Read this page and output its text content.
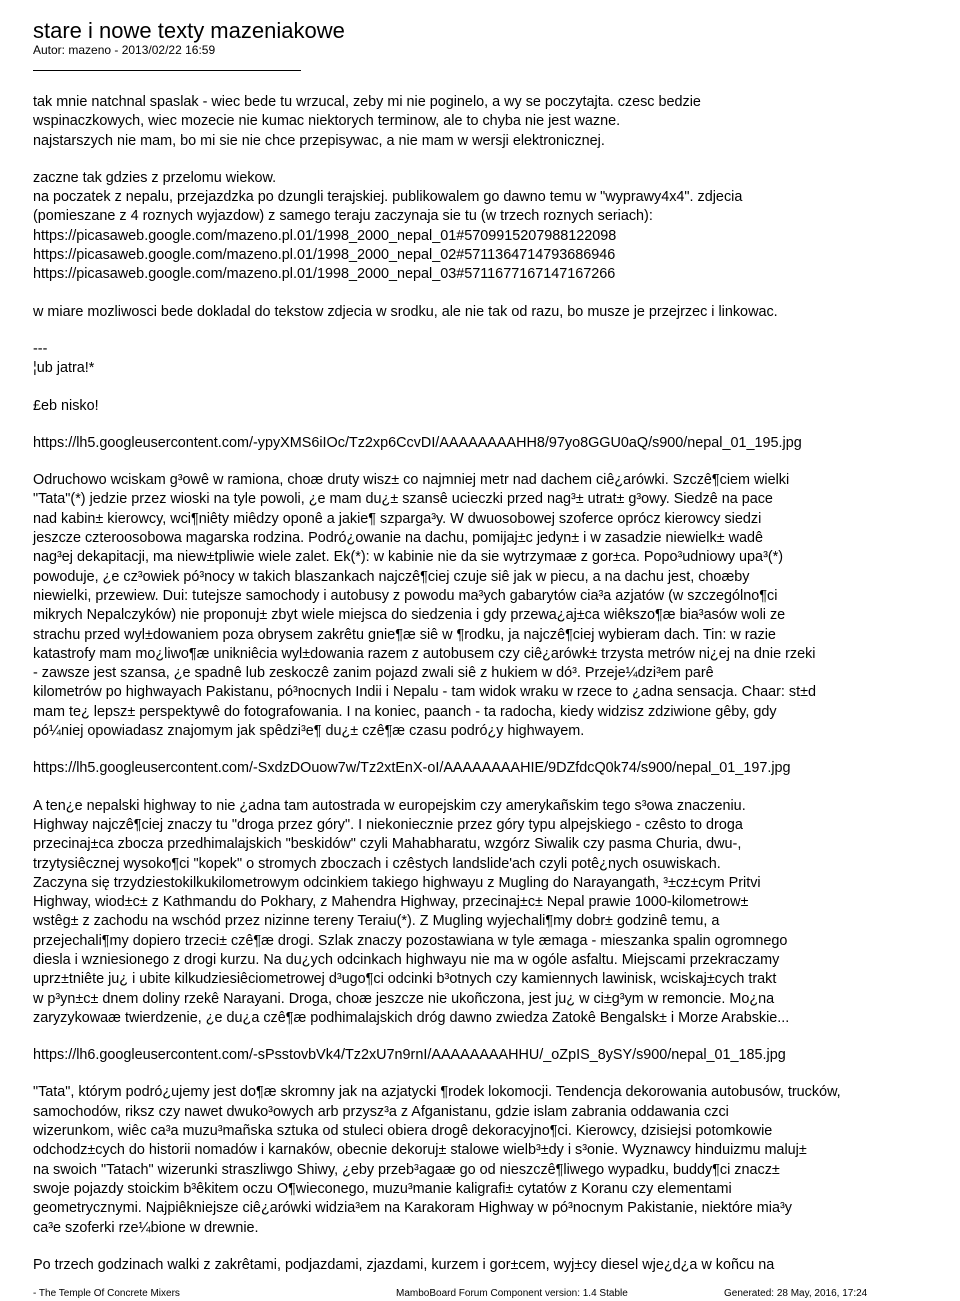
stare i nowe texty mazeniakowe
Autor: mazeno - 2013/02/22 16:59

tak mnie natchnal spaslak - wiec bede tu wrzucal, zeby mi nie poginelo, a wy se poczytajta. czesc bedzie
wspinaczkowych, wiec mozecie nie kumac niektorych terminow, ale to chyba nie jest wazne.
najstarszych nie mam, bo mi sie nie chce przepisywac, a nie mam w wersji elektronicznej.

zaczne tak gdzies z przelomu wiekow.
na poczatek z nepalu, przejazdzka po dzungli terajskiej. publikowalem go dawno temu w "wyprawy4x4". zdjecia
(pomieszane z 4 roznych wyjazdow) z samego teraju zaczynaja sie tu (w trzech roznych seriach):
https://picasaweb.google.com/mazeno.pl.01/1998_2000_nepal_01#5709915207988122098
https://picasaweb.google.com/mazeno.pl.01/1998_2000_nepal_02#5711364714793686946
https://picasaweb.google.com/mazeno.pl.01/1998_2000_nepal_03#5711677167147167266

w miare mozliwosci bede dokladal do tekstow zdjecia w srodku, ale nie tak od razu, bo musze je przejrzec i linkowac.

---
¦ub jatra!*

£eb nisko!

https://lh5.googleusercontent.com/-ypyXMS6iIOc/Tz2xp6CcvDI/AAAAAAAAHH8/97yo8GGU0aQ/s900/nepal_01_195.jpg

Odruchowo wciskam g³owê w ramiona, choæ druty wisz± co najmniej metr nad dachem ciê¿arówki. Szczê¶ciem wielki
"Tata"(*) jedzie przez wioski na tyle powoli, ¿e mam du¿± szansê ucieczki przed nag³± utrat± g³owy. Siedzê na pace
nad kabin± kierowcy, wci¶niêty miêdzy oponê a jakie¶ szparga³y. W dwuosobowej szoferce oprócz kierowcy siedzi
jeszcze czteroosobowa magarska rodzina. Podró¿owanie na dachu, pomijaj±c jedyn± i w zasadzie niewielk± wadê
nag³ej dekapitacji, ma niew±tpliwie wiele zalet. Ek(*): w kabinie nie da sie wytrzymaæ z gor±ca. Popo³udniowy upa³(*)
powoduje, ¿e cz³owiek pó³nocy w takich blaszankach najczê¶ciej czuje siê jak w piecu, a na dachu jest, choæby
niewielki, przewiew. Dui: tutejsze samochody i autobusy z powodu ma³ych gabarytów cia³a azjatów (w szczególno¶ci
mikrych Nepalczyków) nie proponuj± zbyt wiele miejsca do siedzenia i gdy przewa¿aj±ca wiêkszo¶æ bia³asów woli ze
strachu przed wyl±dowaniem poza obrysem zakrêtu gnie¶æ siê w ¶rodku, ja najczê¶ciej wybieram dach. Tin: w razie
katastrofy mam mo¿liwo¶æ unikniêcia wyl±dowania razem z autobusem czy ciê¿arówk± trzysta metrów ni¿ej na dnie rzeki
- zawsze jest szansa, ¿e spadnê lub zeskoczê zanim pojazd zwali siê z hukiem w dó³. Przeje¼dzi³em parê
kilometrów po highwayach Pakistanu, pó³nocnych Indii i Nepalu - tam widok wraku w rzece to ¿adna sensacja. Chaar: st±d
mam te¿ lepsz± perspektywê do fotografowania. I na koniec, paanch - ta radocha, kiedy widzisz zdziwione gêby, gdy
pó¼niej opowiadasz znajomym jak spêdzi³e¶ du¿± czê¶æ czasu podró¿y highwayem.

https://lh5.googleusercontent.com/-SxdzDOuow7w/Tz2xtEnX-oI/AAAAAAAAHIE/9DZfdcQ0k74/s900/nepal_01_197.jpg

A ten¿e nepalski highway to nie ¿adna tam autostrada w europejskim czy amerykañskim tego s³owa znaczeniu.
Highway najczê¶ciej znaczy tu "droga przez góry". I niekoniecznie przez góry typu alpejskiego - czêsto to droga
przecinaj±ca zbocza przedhimalajskich "beskidów" czyli Mahabharatu, wzgórz Siwalik czy pasma Churia, dwu-,
trzytysiêcznej wysoko¶ci "kopek" o stromych zboczach i czêstych landslide'ach czyli potê¿nych osuwiskach.
Zaczyna się trzydziestokilkukilometrowym odcinkiem takiego highwayu z Mugling do Narayangath, ³±cz±cym Pritvi
Highway, wiod±c± z Kathmandu do Pokhary, z Mahendra Highway, przecinaj±c± Nepal prawie 1000-kilometrow±
wstêg± z zachodu na wschód przez nizinne tereny Teraiu(*). Z Mugling wyjechali¶my dobr± godzinê temu, a
przejechali¶my dopiero trzeci± czê¶æ drogi. Szlak znaczy pozostawiana w tyle æmaga - mieszanka spalin ogromnego
diesla i wzniesionego z drogi kurzu. Na du¿ych odcinkach highwayu nie ma w ogóle asfaltu. Miejscami przekraczamy
uprz±tniête ju¿ i ubite kilkudziesiêciometrowej d³ugo¶ci odcinki b³otnych czy kamiennych lawinisk, wciskaj±cych trakt
w p³yn±c± dnem doliny rzekê Narayani. Droga, choæ jeszcze nie ukoñczona, jest ju¿ w ci±g³ym w remoncie. Mo¿na
zaryzykowaæ twierdzenie, ¿e du¿a czê¶æ podhimalajskich dróg dawno zwiedza Zatokê Bengalsk± i Morze Arabskie...

https://lh6.googleusercontent.com/-sPsstovbVk4/Tz2xU7n9rnI/AAAAAAAAHHU/_oZpIS_8ySY/s900/nepal_01_185.jpg

"Tata", którym podró¿ujemy jest do¶æ skromny jak na azjatycki ¶rodek lokomocji. Tendencja dekorowania autobusów, trucków,
samochodów, riksz czy nawet dwuko³owych arb przysz³a z Afganistanu, gdzie islam zabrania oddawania czci
wizerunkom, wiêc ca³a muzu³mañska sztuka od stuleci obiera drogê dekoracyjno¶ci. Kierowcy, dzisiejsi potomkowie
odchodz±cych do historii nomadów i karnaków, obecnie dekoruj± stalowe wielb³±dy i s³onie. Wyznawcy hinduizmu maluj±
na swoich "Tatach" wizerunki straszliwgo Shiwy, ¿eby przeb³agaæ go od nieszczê¶liwego wypadku, buddy¶ci znacz±
swoje pojazdy stoickim b³êkitem oczu O¶wieconego, muzu³manie kaligrafi± cytatów z Koranu czy elementami
geometrycznymi. Najpiêkniejsze ciê¿arówki widzia³em na Karakoram Highway w pó³nocnym Pakistanie, niektóre mia³y
ca³e szoferki rze¼bione w drewnie.

Po trzech godzinach walki z zakrêtami, podjazdami, zjazdami, kurzem i gor±cem, wyj±cy diesel wje¿d¿a w koñcu na

- The Temple Of Concrete Mixers	MamboBoard Forum Component version: 1.4 Stable	Generated: 28 May, 2016, 17:24
